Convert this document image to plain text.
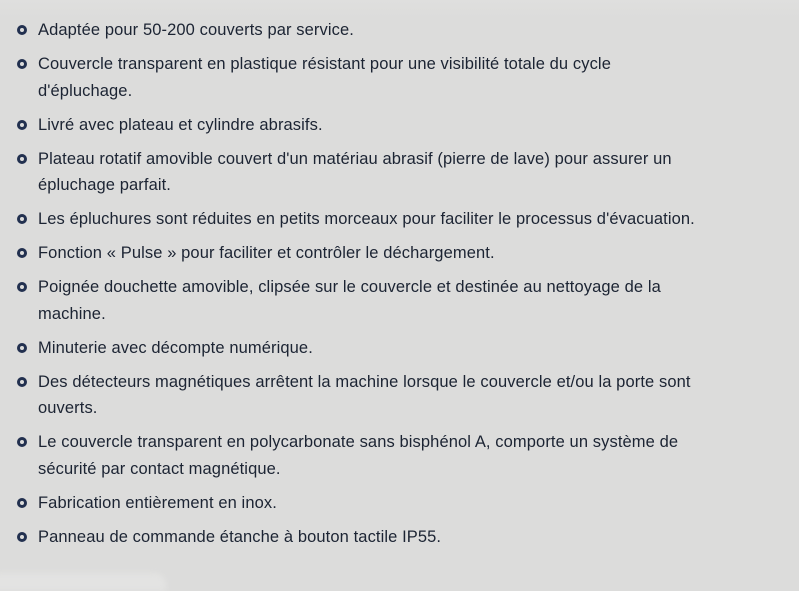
Adaptée pour 50-200 couverts par service.
Couvercle transparent en plastique résistant pour une visibilité totale du cycle
d'épluchage.
Livré avec plateau et cylindre abrasifs.
Plateau rotatif amovible couvert d'un matériau abrasif (pierre de lave) pour assurer un
épluchage parfait.
Les épluchures sont réduites en petits morceaux pour faciliter le processus d'évacuation.
Fonction « Pulse » pour faciliter et contrôler le déchargement.
Poignée douchette amovible, clipsée sur le couvercle et destinée au nettoyage de la
machine.
Minuterie avec décompte numérique.
Des détecteurs magnétiques arrêtent la machine lorsque le couvercle et/ou la porte sont
ouverts.
Le couvercle transparent en polycarbonate sans bisphénol A, comporte un système de
sécurité par contact magnétique.
Fabrication entièrement en inox.
Panneau de commande étanche à bouton tactile IP55.
